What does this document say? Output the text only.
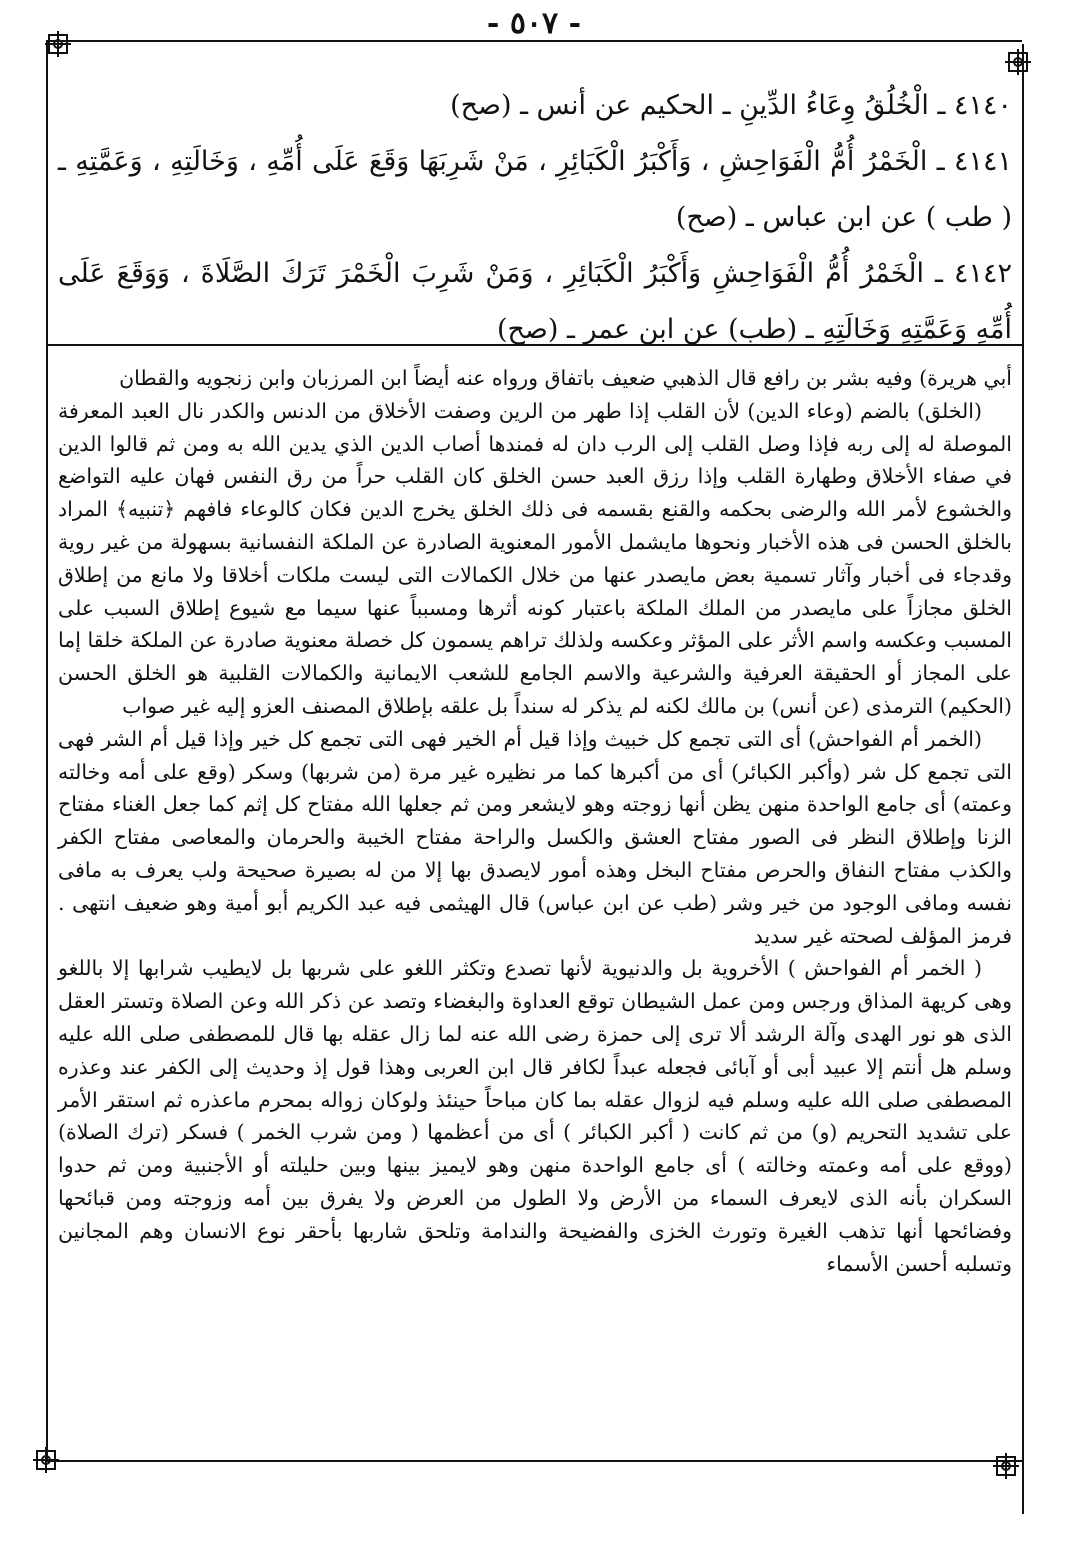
- ٥٠٧ -

٤١٤٠ ـ الْخُلُقُ وِعَاءُ الدِّينِ ـ الحكيم عن أنس ـ (صح)

٤١٤١ ـ الْخَمْرُ أُمُّ الْفَوَاحِشِ ، وَأَكْبَرُ الْكَبَائِرِ ، مَنْ شَرِبَهَا وَقَعَ عَلَى أُمِّهِ ، وَخَالَتِهِ ، وَعَمَّتِهِ ـ ( طب ) عن ابن عباس ـ (صح)

٤١٤٢ ـ الْخَمْرُ أُمُّ الْفَوَاحِشِ وَأَكْبَرُ الْكَبَائِرِ ، وَمَنْ شَرِبَ الْخَمْرَ تَرَكَ الصَّلَاةَ ، وَوَقَعَ عَلَى أُمِّهِ وَعَمَّتِهِ وَخَالَتِهِ ـ (طب) عن ابن عمر ـ (صح)

أبي هريرة) وفيه بشر بن رافع قال الذهبي ضعيف باتفاق ورواه عنه أيضاً ابن المرزبان وابن زنجويه والقطان

(الخلق) بالضم (وعاء الدين) لأن القلب إذا طهر من الرين وصفت الأخلاق من الدنس والكدر نال العبد المعرفة الموصلة له إلى ربه فإذا وصل القلب إلى الرب دان له فمندها أصاب الدين الذي يدين الله به ومن ثم قالوا الدين في صفاء الأخلاق وطهارة القلب وإذا رزق العبد حسن الخلق كان القلب حراً من رق النفس فهان عليه التواضع والخشوع لأمر الله والرضى بحكمه والقنع بقسمه فى ذلك الخلق يخرج الدين فكان كالوعاء فافهم ﴿تنبيه﴾ المراد بالخلق الحسن فى هذه الأخبار ونحوها مايشمل الأمور المعنوية الصادرة عن الملكة النفسانية بسهولة من غير روية وقدجاء فى أخبار وآثار تسمية بعض مايصدر عنها من خلال الكمالات التى ليست ملكات أخلاقا ولا مانع من إطلاق الخلق مجازاً على مايصدر من الملك الملكة باعتبار كونه أثرها ومسبباً عنها سيما مع شيوع إطلاق السبب على المسبب وعكسه واسم الأثر على المؤثر وعكسه ولذلك تراهم يسمون كل خصلة معنوية صادرة عن الملكة خلقا إما على المجاز أو الحقيقة العرفية والشرعية والاسم الجامع للشعب الايمانية والكمالات القلبية هو الخلق الحسن (الحكيم) الترمذى (عن أنس) بن مالك لكنه لم يذكر له سنداً بل علقه بإطلاق المصنف العزو إليه غير صواب

(الخمر أم الفواحش) أى التى تجمع كل خبيث وإذا قيل أم الخير فهى التى تجمع كل خير وإذا قيل أم الشر فهى التى تجمع كل شر (وأكبر الكبائر) أى من أكبرها كما مر نظيره غير مرة (من شربها) وسكر (وقع على أمه وخالته وعمته) أى جامع الواحدة منهن يظن أنها زوجته وهو لايشعر ومن ثم جعلها الله مفتاح كل إثم كما جعل الغناء مفتاح الزنا وإطلاق النظر فى الصور مفتاح العشق والكسل والراحة مفتاح الخيبة والحرمان والمعاصى مفتاح الكفر والكذب مفتاح النفاق والحرص مفتاح البخل وهذه أمور لايصدق بها إلا من له بصيرة صحيحة ولب يعرف به مافى نفسه ومافى الوجود من خير وشر (طب عن ابن عباس) قال الهيثمى فيه عبد الكريم أبو أمية وهو ضعيف انتهى . فرمز المؤلف لصحته غير سديد

( الخمر أم الفواحش ) الأخروية بل والدنيوية لأنها تصدع وتكثر اللغو على شربها بل لايطيب شرابها إلا باللغو وهى كريهة المذاق ورجس ومن عمل الشيطان توقع العداوة والبغضاء وتصد عن ذكر الله وعن الصلاة وتستر العقل الذى هو نور الهدى وآلة الرشد ألا ترى إلى حمزة رضى الله عنه لما زال عقله بها قال للمصطفى صلى الله عليه وسلم هل أنتم إلا عبيد أبى أو آبائى فجعله عبداً لكافر قال ابن العربى وهذا قول إذ وحديث إلى الكفر عند وعذره المصطفى صلى الله عليه وسلم فيه لزوال عقله بما كان مباحاً حينئذ ولوكان زواله بمحرم ماعذره ثم استقر الأمر على تشديد التحريم (و) من ثم كانت ( أكبر الكبائر ) أى من أعظمها ( ومن شرب الخمر ) فسكر (ترك الصلاة) (ووقع على أمه وعمته وخالته ) أى جامع الواحدة منهن وهو لايميز بينها وبين حليلته أو الأجنبية ومن ثم حدوا السكران بأنه الذى لايعرف السماء من الأرض ولا الطول من العرض ولا يفرق بين أمه وزوجته ومن قبائحها وفضائحها أنها تذهب الغيرة وتورث الخزى والفضيحة والندامة وتلحق شاربها بأحقر نوع الانسان وهم المجانين وتسلبه أحسن الأسماء
